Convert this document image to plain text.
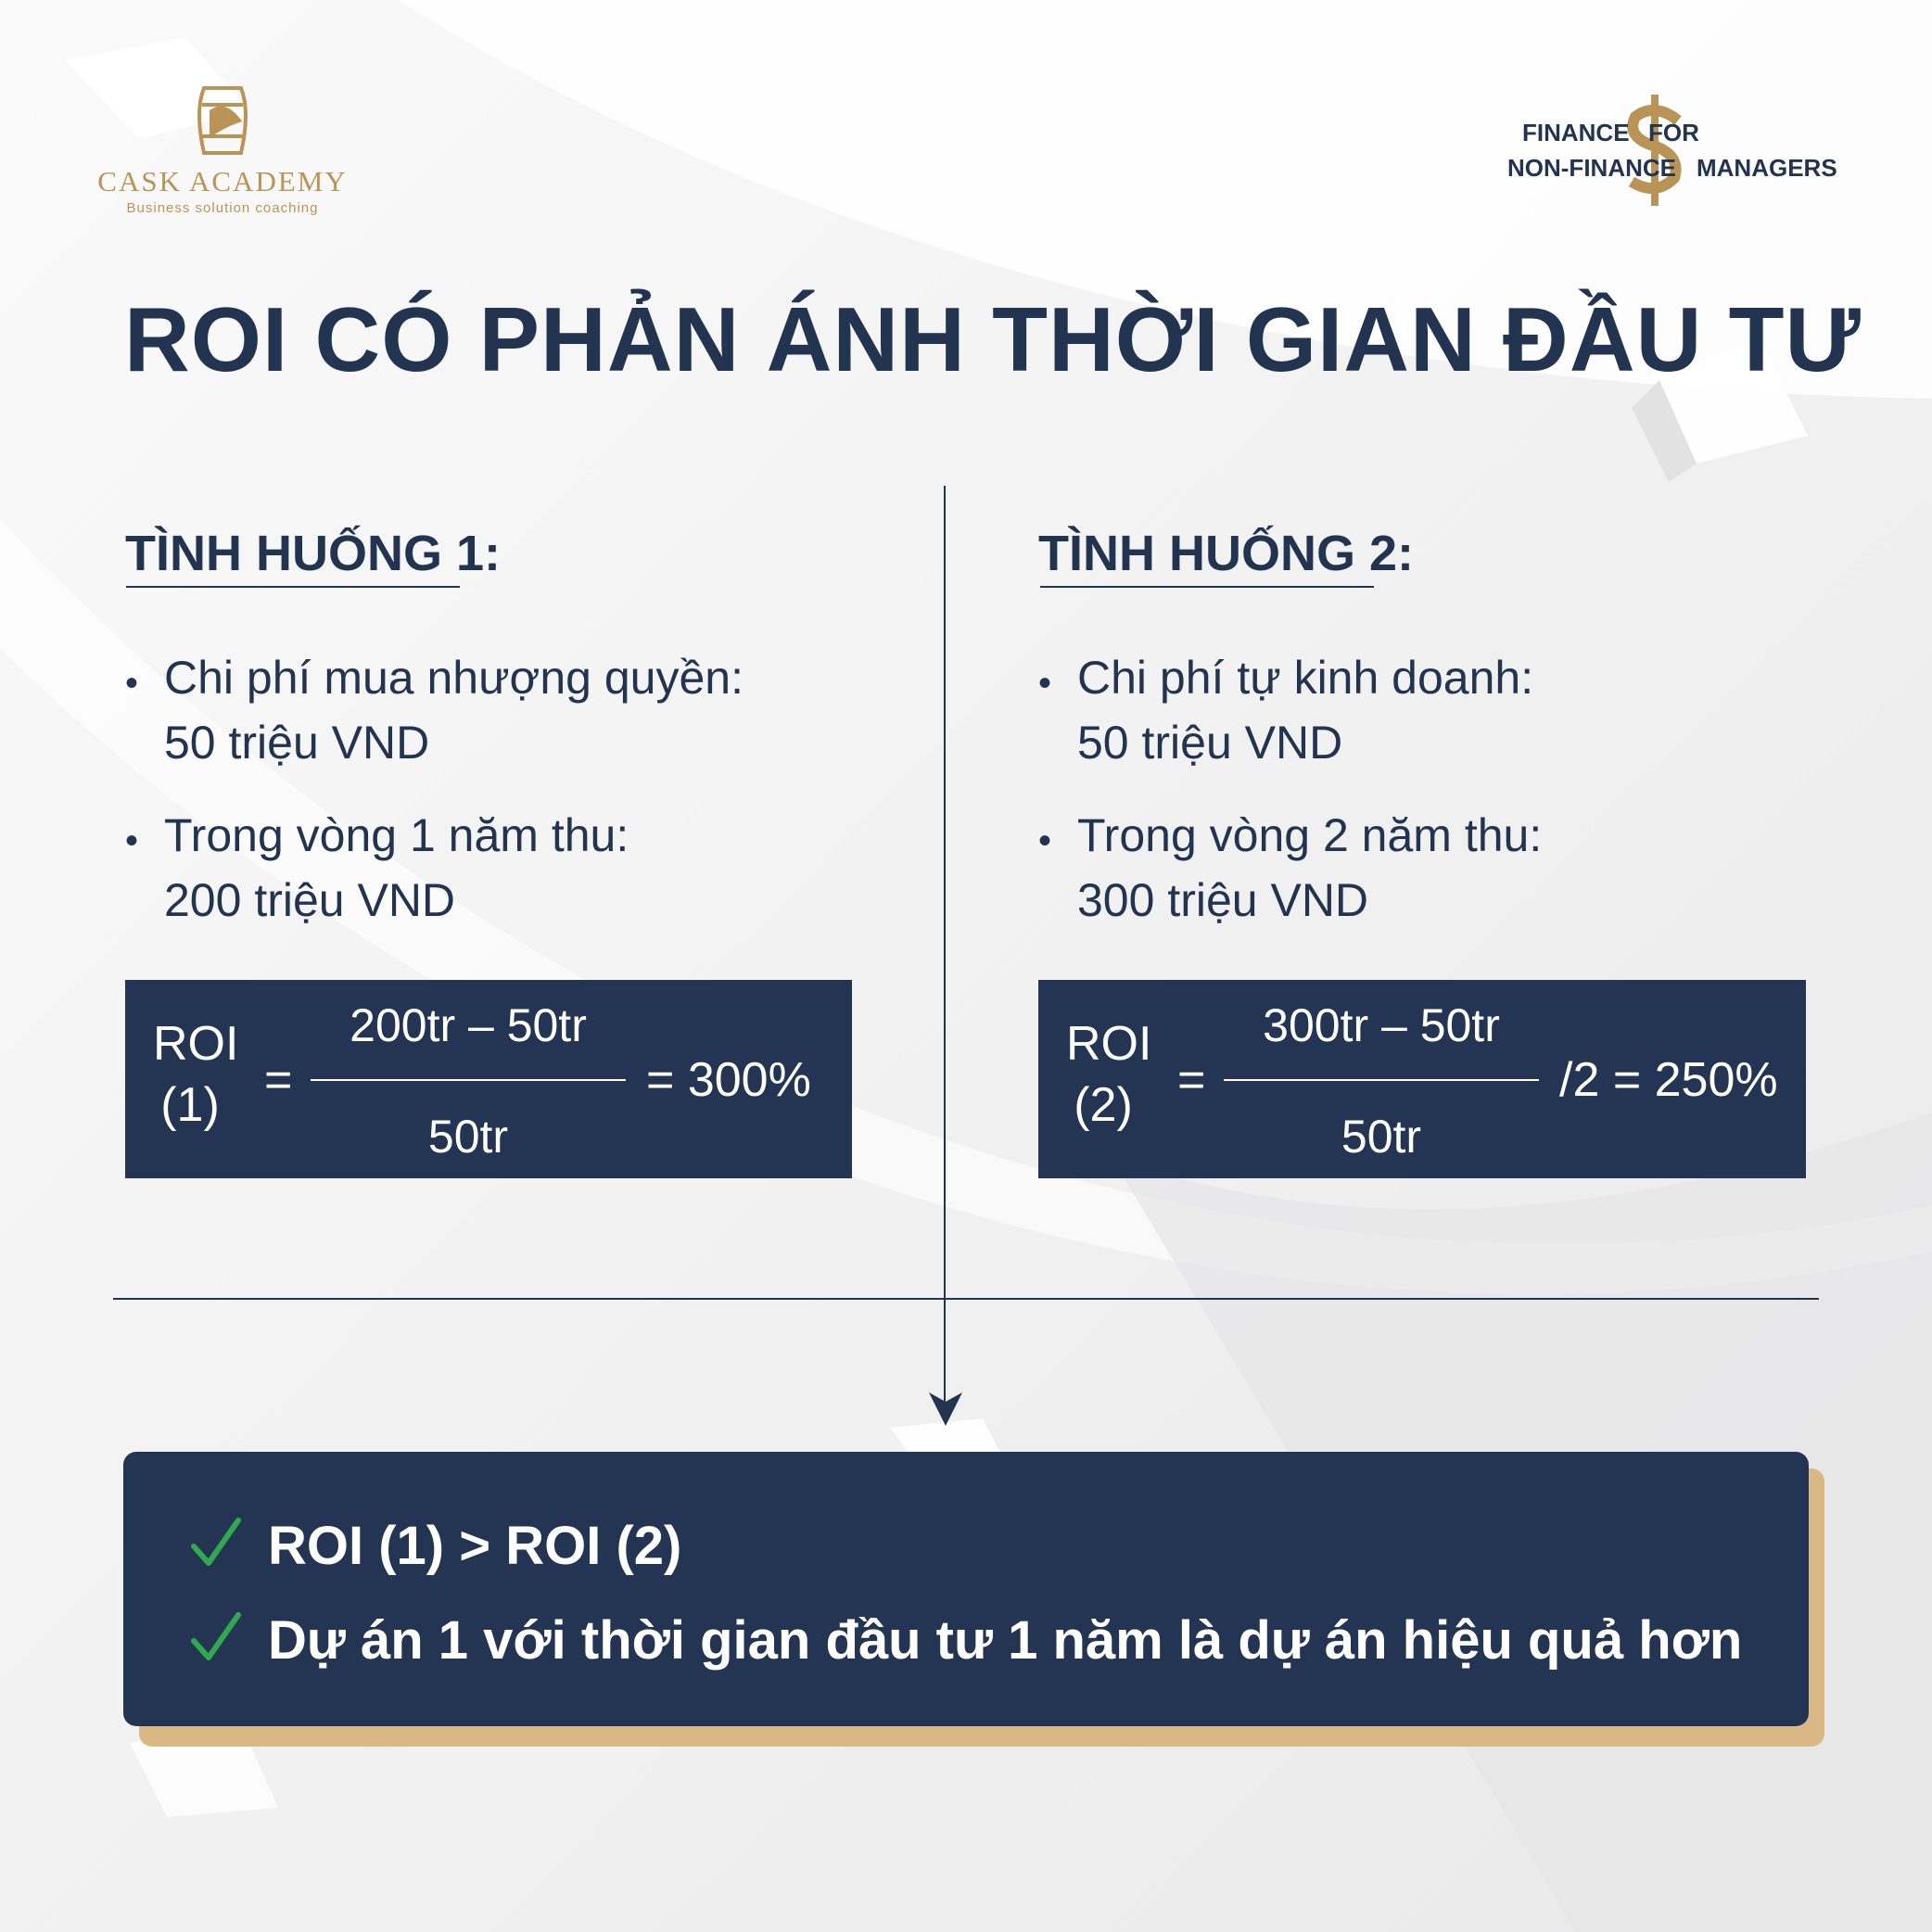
CASK ACADEMY
Business solution coaching
FINANCE FOR
NON-FINANCE MANAGERS
ROI CÓ PHẢN ÁNH THỜI GIAN ĐẦU TƯ
TÌNH HUỐNG 1:
• Chi phí mua nhượng quyền:
50 triệu VND
• Trong vòng 1 năm thu:
200 triệu VND
ROI
(1) =
200tr – 50tr
50tr
= 300%
TÌNH HUỐNG 2:
• Chi phí tự kinh doanh:
50 triệu VND
• Trong vòng 2 năm thu:
300 triệu VND
ROI
(2) =
300tr – 50tr
50tr
/2 = 250%
ROI (1) > ROI (2)
Dự án 1 với thời gian đầu tư 1 năm là dự án hiệu quả hơn
